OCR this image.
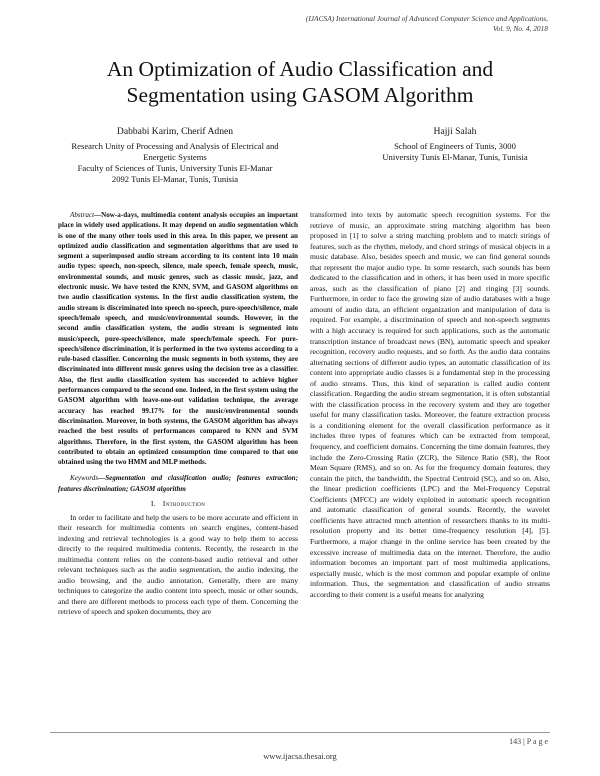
(IJACSA) International Journal of Advanced Computer Science and Applications,
Vol. 9, No. 4, 2018
An Optimization of Audio Classification and
Segmentation using GASOM Algorithm
Dabbabi Karim, Cherif Adnen
Research Unity of Processing and Analysis of Electrical and
Energetic Systems
Faculty of Sciences of Tunis, University Tunis El-Manar
2092 Tunis El-Manar, Tunis, Tunisia
Hajji Salah
School of Engineers of Tunis, 3000
University Tunis El-Manar, Tunis, Tunisia

Abstract—Now-a-days, multimedia content analysis occupies an important place in widely used applications. It may depend on audio segmentation which is one of the many other tools used in this area. In this paper, we present an optimized audio classification and segmentation algorithms that are used to segment a superimposed audio stream according to its content into 10 main audio types: speech, non-speech, silence, male speech, female speech, music, environmental sounds, and music genres, such as classic music, jazz, and electronic music. We have tested the KNN, SVM, and GASOM algorithms on two audio classification systems. In the first audio classification system, the audio stream is discriminated into speech no-speech, pure-speech/silence, male speech/female speech, and music/environmental sounds. However, in the second audio classification system, the audio stream is segmented into music/speech, pure-speech/silence, male speech/female speech. For pure-speech/silence discrimination, it is performed in the two systems according to a rule-based classifier. Concerning the music segments in both systems, they are discriminated into different music genres using the decision tree as a classifier. Also, the first audio classification system has succeeded to achieve higher performances compared to the second one. Indeed, in the first system using the GASOM algorithm with leave-one-out validation technique, the average accuracy has reached 99.17% for the music/environmental sounds discrimination. Moreover, in both systems, the GASOM algorithm has always reached the best results of performances compared to KNN and SVM algorithms. Therefore, in the first system, the GASOM algorithm has been contributed to obtain an optimized consumption time compared to that one obtained using the two HMM and MLP methods.

Keywords—Segmentation and classification audio; features extraction; features discrimination; GASOM algorithm

I. Introduction

In order to facilitate and help the users to be more accurate and efficient in their research for multimedia contents on search engines, content-based indexing and retrieval technologies is a good way to help them to access directly to the required multimedia contents. Recently, the research in the multimedia content relies on the content-based audio retrieval and other relevant techniques such as the audio segmentation, the audio indexing, the audio browsing, and the audio annotation. Generally, there are many techniques to categorize the audio content into speech, music or other sounds, and there are different methods to process each type of them. Concerning the retrieve of speech and spoken documents, they are

transformed into texts by automatic speech recognition systems. For the retrieve of music, an approximate string matching algorithm has been proposed in [1] to solve a string matching problem and to match strings of features, such as the rhythm, melody, and chord strings of musical objects in a music database. Also, besides speech and music, we can find general sounds that represent the major audio type. In some research, such sounds has been dedicated to the classification and in others, it has been used in more specific areas, such as the classification of piano [2] and ringing [3] sounds. Furthermore, in order to face the growing size of audio databases with a huge amount of audio data, an efficient organization and manipulation of data is required. For example, a discrimination of speech and non-speech segments with a high accuracy is required for such applications, such as the automatic transcription instance of broadcast news (BN), automatic speech and speaker recognition, recovery audio requests, and so forth. As the audio data contains alternating sections of different audio types, an automatic classification of its content into appropriate audio classes is a fundamental step in the processing of audio streams. Thus, this kind of separation is called audio content classification. Regarding the audio stream segmentation, it is often substantial with the classification process in the recovery system and they are together useful for many classification tasks. Moreover, the feature extraction process is a conditioning element for the overall classification performance as it includes three types of features which can be extracted from temporal, frequency, and coefficient domains. Concerning the time domain features, they include the Zero-Crossing Ratio (ZCR), the Silence Ratio (SR), the Root Mean Square (RMS), and so on. As for the frequency domain features, they contain the pitch, the bandwidth, the Spectral Centroid (SC), and so on. Also, the linear prediction coefficients (LPC) and the Mel-Frequency Cepstral Coefficients (MFCC) are widely exploited in automatic speech recognition and automatic classification of general sounds. Recently, the wavelet coefficients have attracted much attention of researchers thanks to its multi-resolution property and its better time-frequency resolution [4], [5]. Furthermore, a major change in the online service has been created by the excessive increase of multimedia data on the internet. Therefore, the audio information becomes an important part of most multimedia applications, especially music, which is the most common and popular example of online information. Thus, the segmentation and classification of audio streams according to their content is a useful means for analyzing

143 | P a g e
www.ijacsa.thesai.org
